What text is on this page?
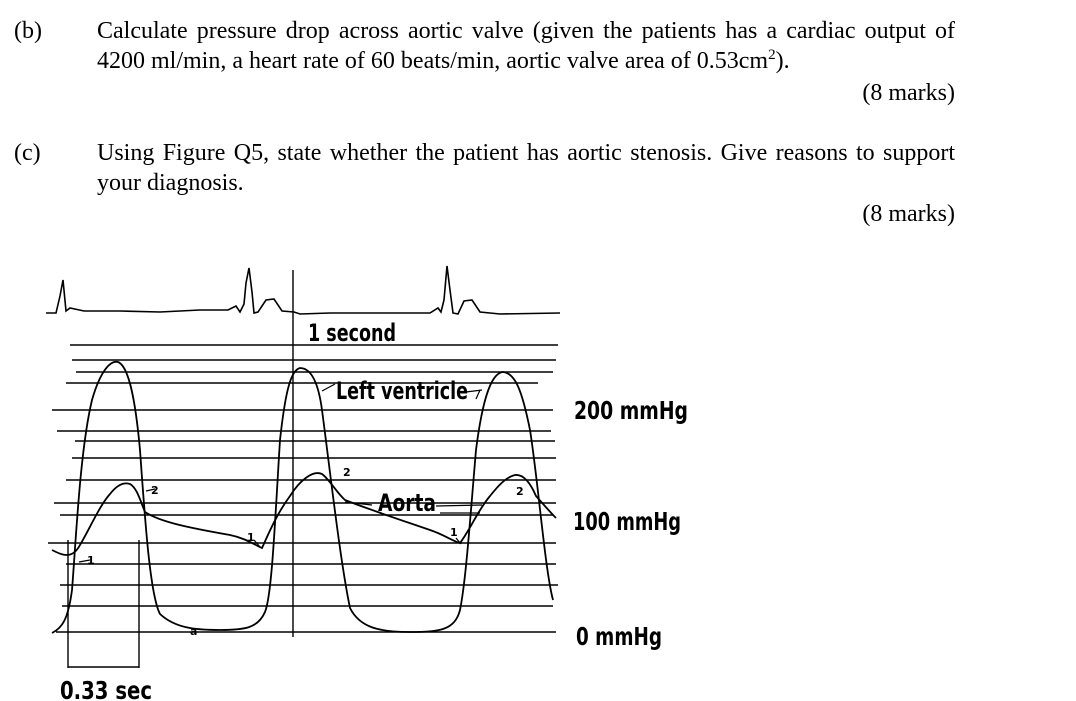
(b) Calculate pressure drop across aortic valve (given the patients has a cardiac output of 4200 ml/min, a heart rate of 60 beats/min, aortic valve area of $0.53cm^2$).
(8 marks)
(c) Using Figure Q5, state whether the patient has aortic stenosis. Give reasons to support your diagnosis.
(8 marks)
1 second
Left ventricle
Aorta
200 mmHg
100 mmHg
0 mmHg
0.33 sec
2
2	2
1	1
1
a
